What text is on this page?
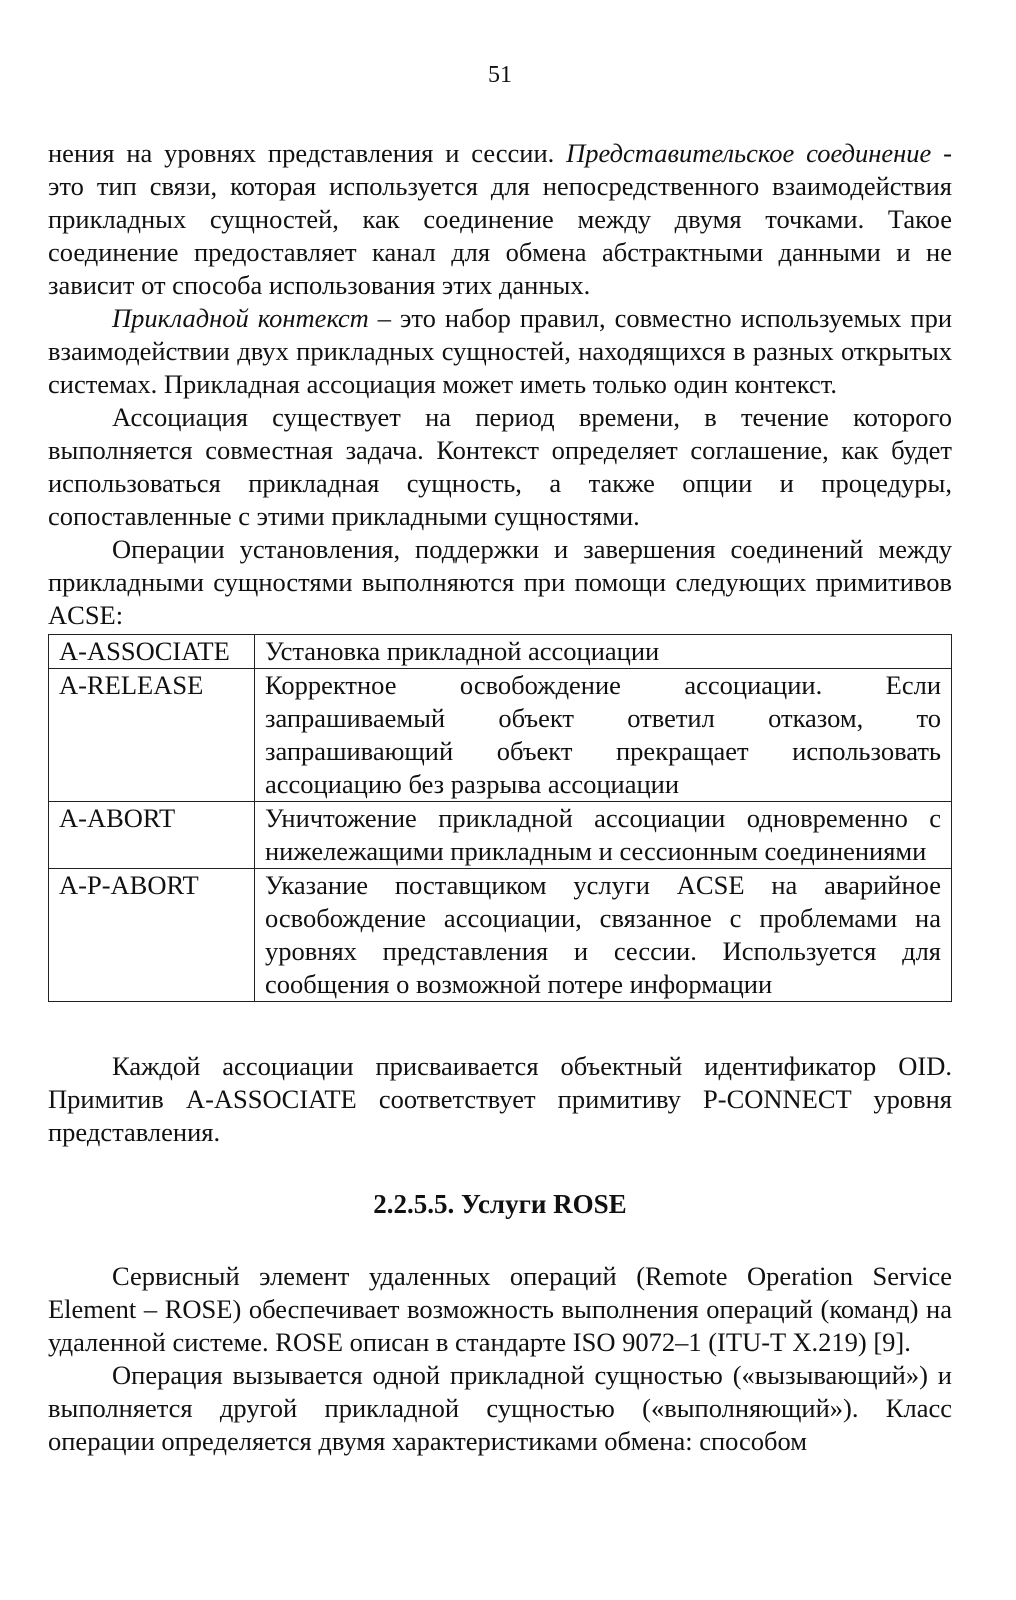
51

нения на уровнях представления и сессии. Представительское соединение - это тип связи, которая используется для непосредственного взаимодействия прикладных сущностей, как соединение между двумя точками. Такое соединение предоставляет канал для обмена абстрактными данными и не зависит от способа использования этих данных.

Прикладной контекст – это набор правил, совместно используемых при взаимодействии двух прикладных сущностей, находящихся в разных открытых системах. Прикладная ассоциация может иметь только один контекст.

Ассоциация существует на период времени, в течение которого выполняется совместная задача. Контекст определяет соглашение, как будет использоваться прикладная сущность, а также опции и процедуры, сопоставленные с этими прикладными сущностями.

Операции установления, поддержки и завершения соединений между прикладными сущностями выполняются при помощи следующих примитивов ACSE:

A-ASSOCIATE	Установка прикладной ассоциации
A-RELEASE	Корректное освобождение ассоциации. Если запрашиваемый объект ответил отказом, то запрашивающий объект прекращает использовать ассоциацию без разрыва ассоциации
A-ABORT	Уничтожение прикладной ассоциации одновременно с нижележащими прикладным и сессионным соединениями
A-P-ABORT	Указание поставщиком услуги ACSE на аварийное освобождение ассоциации, связанное с проблемами на уровнях представления и сессии. Используется для сообщения о возможной потере информации

Каждой ассоциации присваивается объектный идентификатор OID. Примитив A-ASSOCIATE соответствует примитиву P-CONNECT уровня представления.

2.2.5.5. Услуги ROSE

Сервисный элемент удаленных операций (Remote Operation Service Element – ROSE) обеспечивает возможность выполнения операций (команд) на удаленной системе. ROSE описан в стандарте ISO 9072–1 (ITU-T X.219) [9].

Операция вызывается одной прикладной сущностью («вызывающий») и выполняется другой прикладной сущностью («выполняющий»). Класс операции определяется двумя характеристиками обмена: способом
